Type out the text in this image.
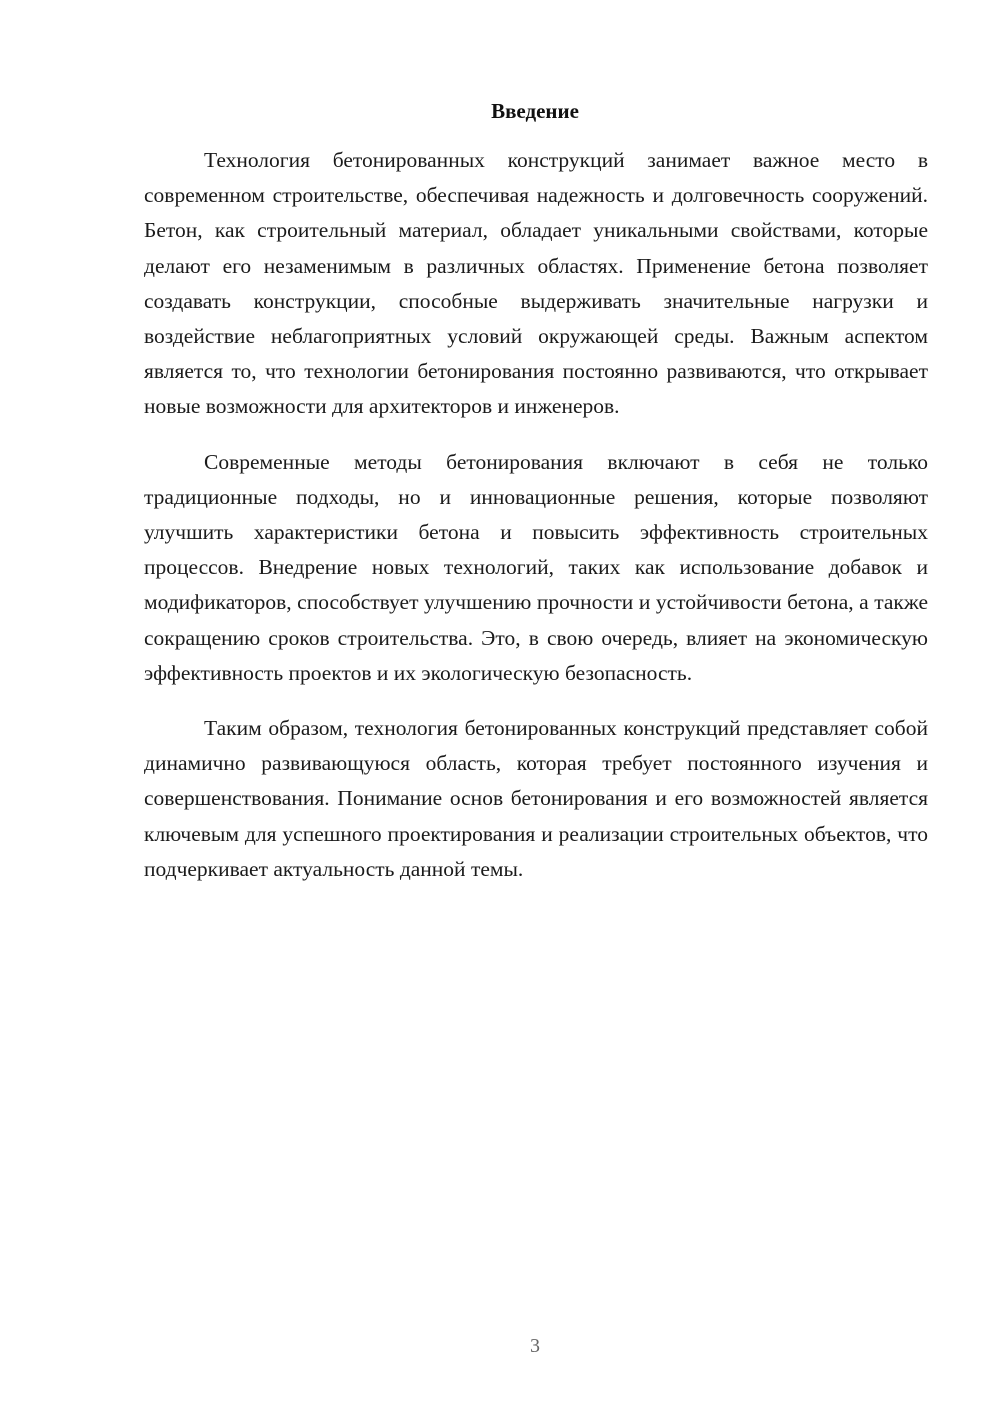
Введение

Технология бетонированных конструкций занимает важное место в современном строительстве, обеспечивая надежность и долговечность сооружений. Бетон, как строительный материал, обладает уникальными свойствами, которые делают его незаменимым в различных областях. Применение бетона позволяет создавать конструкции, способные выдерживать значительные нагрузки и воздействие неблагоприятных условий окружающей среды. Важным аспектом является то, что технологии бетонирования постоянно развиваются, что открывает новые возможности для архитекторов и инженеров.

Современные методы бетонирования включают в себя не только традиционные подходы, но и инновационные решения, которые позволяют улучшить характеристики бетона и повысить эффективность строительных процессов. Внедрение новых технологий, таких как использование добавок и модификаторов, способствует улучшению прочности и устойчивости бетона, а также сокращению сроков строительства. Это, в свою очередь, влияет на экономическую эффективность проектов и их экологическую безопасность.

Таким образом, технология бетонированных конструкций представляет собой динамично развивающуюся область, которая требует постоянного изучения и совершенствования. Понимание основ бетонирования и его возможностей является ключевым для успешного проектирования и реализации строительных объектов, что подчеркивает актуальность данной темы.

3
